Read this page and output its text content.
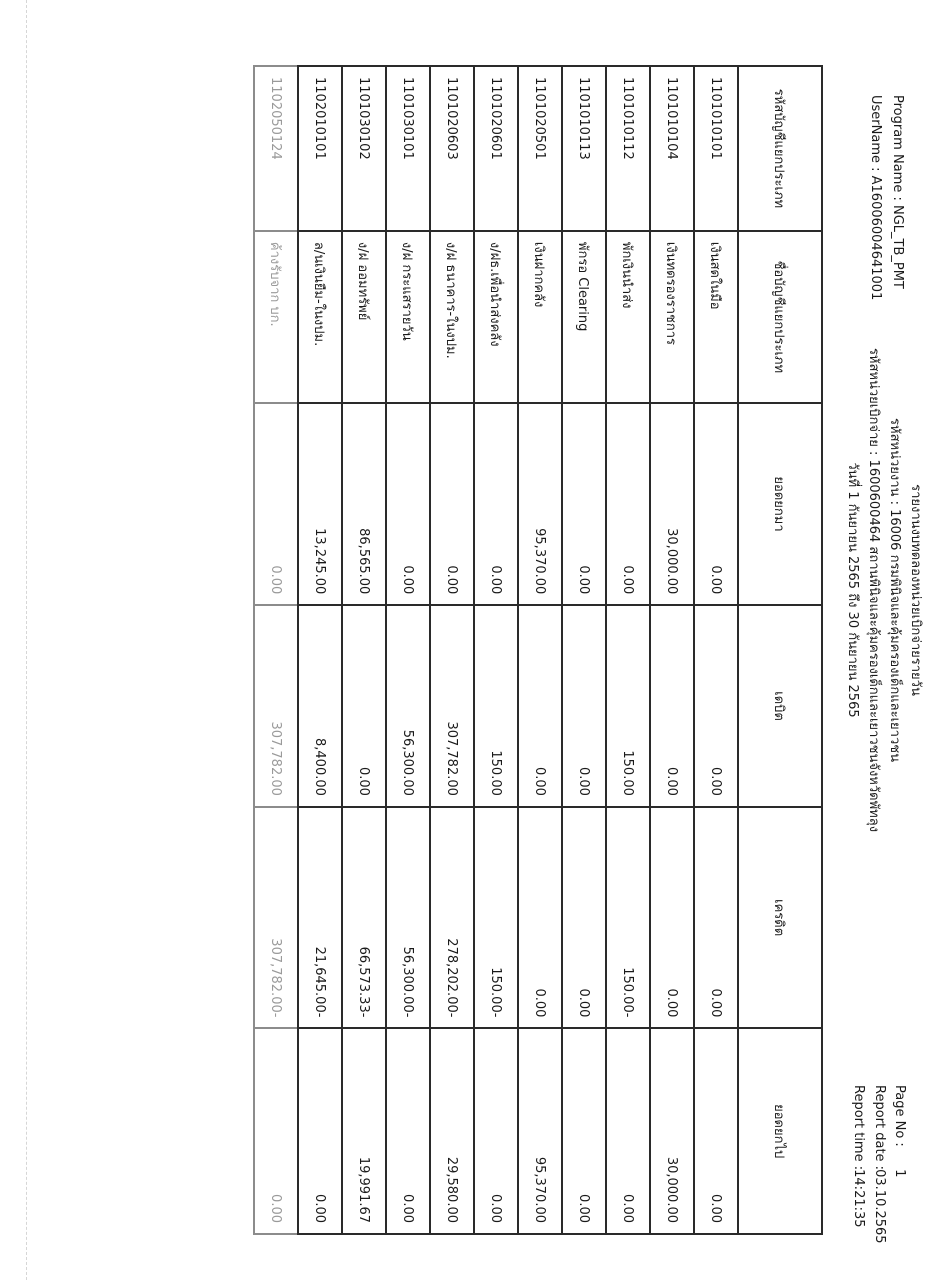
Program Name : NGL_TB_PMT
UserName : A16006004641001
รายงานงบทดลองหน่วยเบิกจ่ายรายวัน
รหัสหน่วยงาน : 16006 กรมพินิจและคุ้มครองเด็กและเยาวชน
รหัสหน่วยเบิกจ่าย : 1600600464 สถานพินิจและคุ้มครองเด็กและเยาวชนจังหวัดพัทลุง
วันที่ 1 กันยายน 2565 ถึง 30 กันยายน 2565
Page No : 1
Report date : 03.10.2565
Report time : 14:21:35
รหัสบัญชีแยกประเภท	ชื่อบัญชีแยกประเภท	ยอดยกมา	เดบิต	เครดิต	ยอดยกไป
1101010101	เงินสดในมือ	0.00	0.00	0.00	0.00
1101010104	เงินทดรองราชการ	30,000.00	0.00	0.00	30,000.00
1101010112	พักเงินนำส่ง	0.00	150.00	150.00-	0.00
1101010113	พักรอ Clearing	0.00	0.00	0.00	0.00
1101020501	เงินฝากคลัง	95,370.00	0.00	0.00	95,370.00
1101020601	ง/ฝธ.เพื่อนำส่งคลัง	0.00	150.00	150.00-	0.00
1101020603	ง/ฝ ธนาคาร-ในงปม.	0.00	307,782.00	278,202.00-	29,580.00
1101030101	ง/ฝ กระแสรายวัน	0.00	56,300.00	56,300.00-	0.00
1101030102	ง/ฝ ออมทรัพย์	86,565.00	0.00	66,573.33-	19,991.67
1102010101	ล/นเงินยืม-ในงปม.	13,245.00	8,400.00	21,645.00-	0.00
1102050124	ค้างรับจาก บก.	0.00	307,782.00	307,782.00-	0.00
